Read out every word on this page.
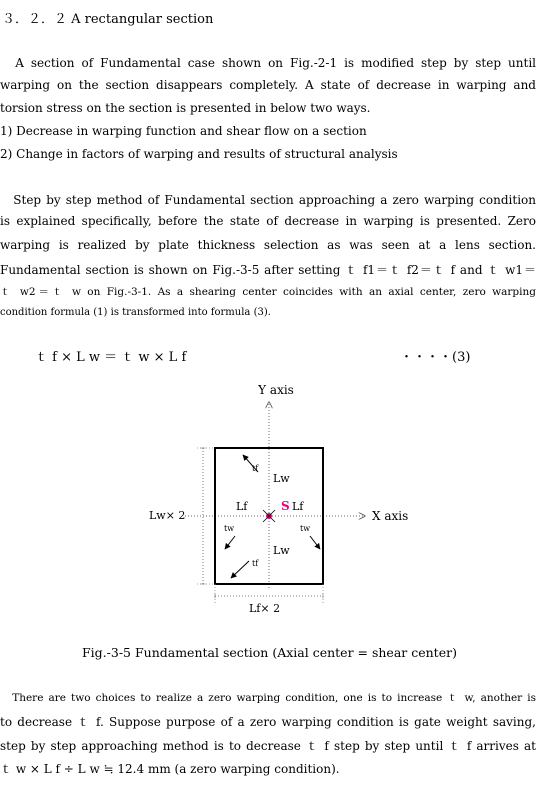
３．２．２ A rectangular section
　A section of Fundamental case shown on Fig.-2-1 is modified step by step until
warping on the section disappears completely. A state of decrease in warping and
torsion stress on the section is presented in below two ways.
1) Decrease in warping function and shear flow on a section
2) Change in factors of warping and results of structural analysis
　Step by step method of Fundamental section approaching a zero warping condition
is explained specifically, before the state of decrease in warping is presented. Zero
warping is realized by plate thickness selection as was seen at a lens section.
Fundamental section is shown on Fig.-3-5 after setting ｔ f1＝ｔ f2＝ｔ f and ｔ w1＝
ｔ w2＝ｔ w on Fig.-3-1. As a shearing center coincides with an axial center, zero warping
condition formula (1) is transformed into formula (3).
ｔ f × L w ＝ ｔ w × L f	・・・・(3)
Y axis
X axis
tf
Lw
Lf	S Lf
tw	tw
Lw
tf
Lw× 2
Lf× 2
Fig.-3-5 Fundamental section (Axial center = shear center)
　There are two choices to realize a zero warping condition, one is to increase ｔ w, another is
to decrease ｔ f. Suppose purpose of a zero warping condition is gate weight saving,
step by step approaching method is to decrease ｔ f step by step until ｔ f arrives at
ｔ w × L f ÷ L w ≒ 12.4 mm (a zero warping condition).
